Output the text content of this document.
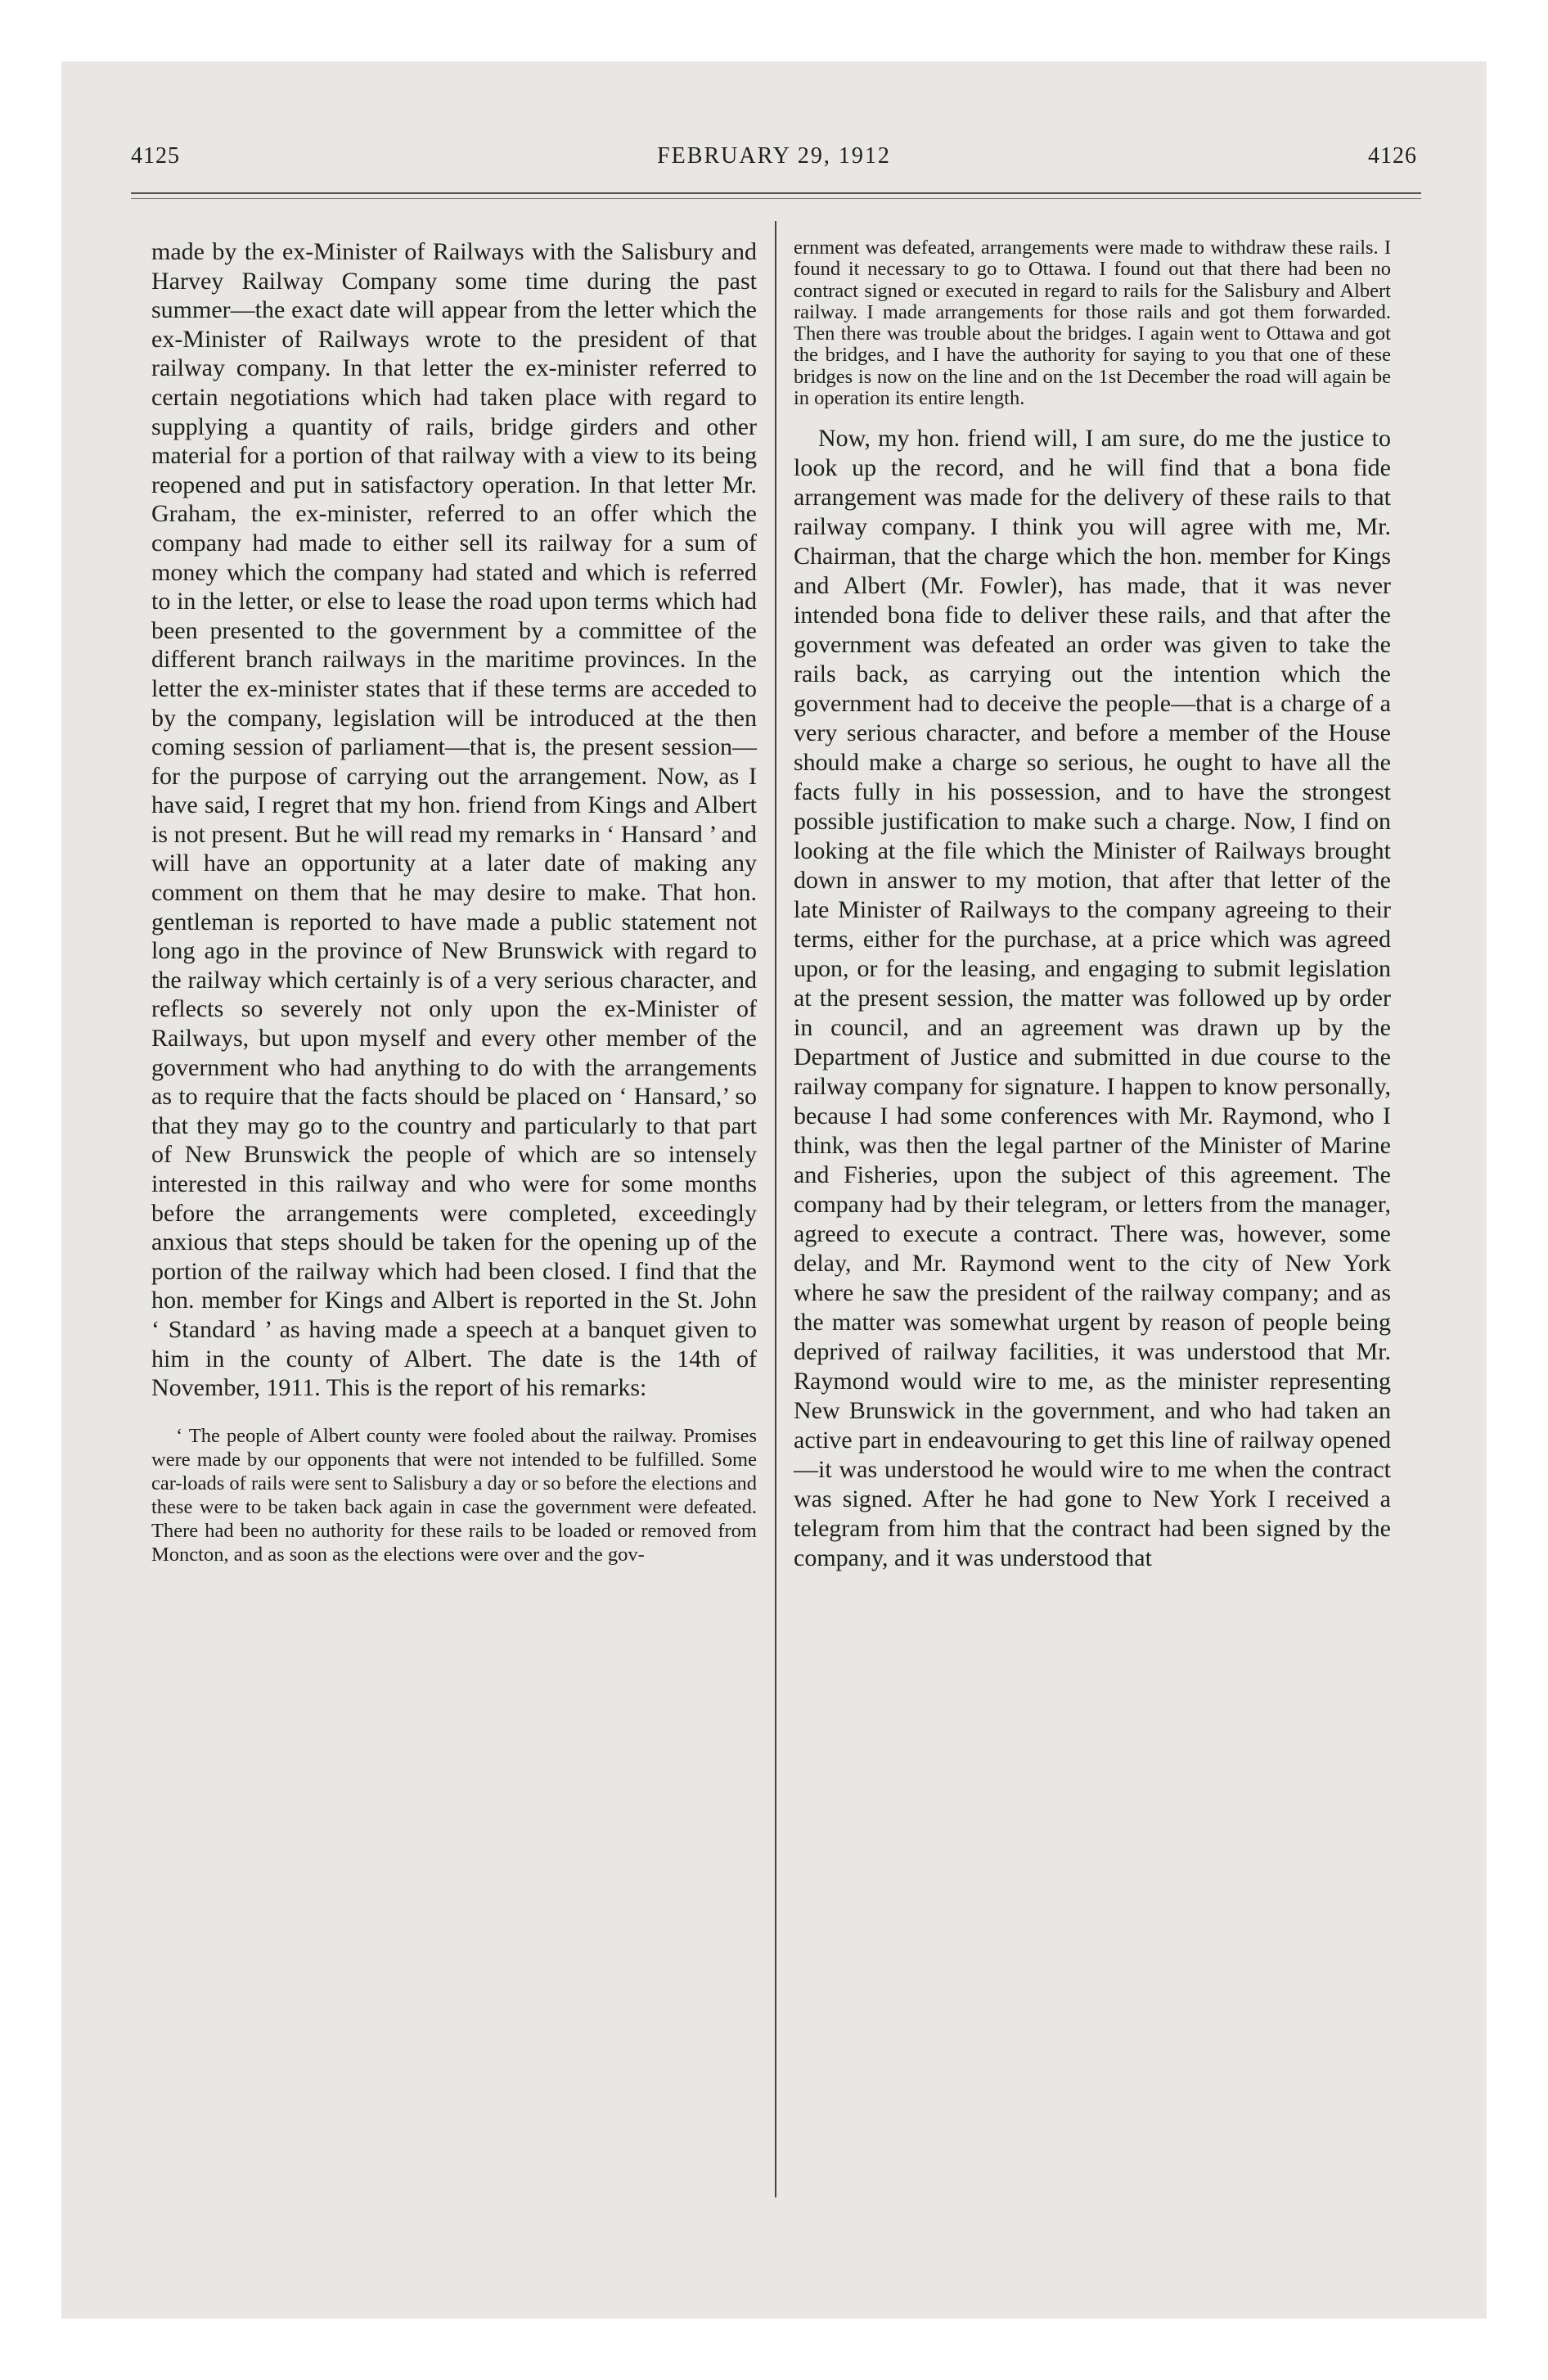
4125	FEBRUARY 29, 1912	4126

made by the ex-Minister of Railways with the Salisbury and Harvey Railway Company some time during the past summer—the exact date will appear from the letter which the ex-Minister of Railways wrote to the president of that railway company. In that letter the ex-minister referred to certain negotiations which had taken place with regard to supplying a quantity of rails, bridge girders and other material for a portion of that railway with a view to its being reopened and put in satisfactory operation. In that letter Mr. Graham, the ex-minister, referred to an offer which the company had made to either sell its railway for a sum of money which the company had stated and which is referred to in the letter, or else to lease the road upon terms which had been presented to the government by a committee of the different branch railways in the maritime provinces. In the letter the ex-minister states that if these terms are acceded to by the company, legislation will be introduced at the then coming session of parliament—that is, the present session—for the purpose of carrying out the arrangement. Now, as I have said, I regret that my hon. friend from Kings and Albert is not present. But he will read my remarks in ‘ Hansard ’ and will have an opportunity at a later date of making any comment on them that he may desire to make. That hon. gentleman is reported to have made a public statement not long ago in the province of New Brunswick with regard to the railway which certainly is of a very serious character, and reflects so severely not only upon the ex-Minister of Railways, but upon myself and every other member of the government who had anything to do with the arrangements as to require that the facts should be placed on ‘ Hansard,’ so that they may go to the country and particularly to that part of New Brunswick the people of which are so intensely interested in this railway and who were for some months before the arrangements were completed, exceedingly anxious that steps should be taken for the opening up of the portion of the railway which had been closed. I find that the hon. member for Kings and Albert is reported in the St. John ‘ Standard ’ as having made a speech at a banquet given to him in the county of Albert. The date is the 14th of November, 1911. This is the report of his remarks:

‘ The people of Albert county were fooled about the railway. Promises were made by our opponents that were not intended to be fulfilled. Some car-loads of rails were sent to Salisbury a day or so before the elections and these were to be taken back again in case the government were defeated. There had been no authority for these rails to be loaded or removed from Moncton, and as soon as the elections were over and the gov-

ernment was defeated, arrangements were made to withdraw these rails. I found it necessary to go to Ottawa. I found out that there had been no contract signed or executed in regard to rails for the Salisbury and Albert railway. I made arrangements for those rails and got them forwarded. Then there was trouble about the bridges. I again went to Ottawa and got the bridges, and I have the authority for saying to you that one of these bridges is now on the line and on the 1st December the road will again be in operation its entire length.

Now, my hon. friend will, I am sure, do me the justice to look up the record, and he will find that a bona fide arrangement was made for the delivery of these rails to that railway company. I think you will agree with me, Mr. Chairman, that the charge which the hon. member for Kings and Albert (Mr. Fowler), has made, that it was never intended bona fide to deliver these rails, and that after the government was defeated an order was given to take the rails back, as carrying out the intention which the government had to deceive the people—that is a charge of a very serious character, and before a member of the House should make a charge so serious, he ought to have all the facts fully in his possession, and to have the strongest possible justification to make such a charge. Now, I find on looking at the file which the Minister of Railways brought down in answer to my motion, that after that letter of the late Minister of Railways to the company agreeing to their terms, either for the purchase, at a price which was agreed upon, or for the leasing, and engaging to submit legislation at the present session, the matter was followed up by order in council, and an agreement was drawn up by the Department of Justice and submitted in due course to the railway company for signature. I happen to know personally, because I had some conferences with Mr. Raymond, who I think, was then the legal partner of the Minister of Marine and Fisheries, upon the subject of this agreement. The company had by their telegram, or letters from the manager, agreed to execute a contract. There was, however, some delay, and Mr. Raymond went to the city of New York where he saw the president of the railway company; and as the matter was somewhat urgent by reason of people being deprived of railway facilities, it was understood that Mr. Raymond would wire to me, as the minister representing New Brunswick in the government, and who had taken an active part in endeavouring to get this line of railway opened—it was understood he would wire to me when the contract was signed. After he had gone to New York I received a telegram from him that the contract had been signed by the company, and it was understood that
